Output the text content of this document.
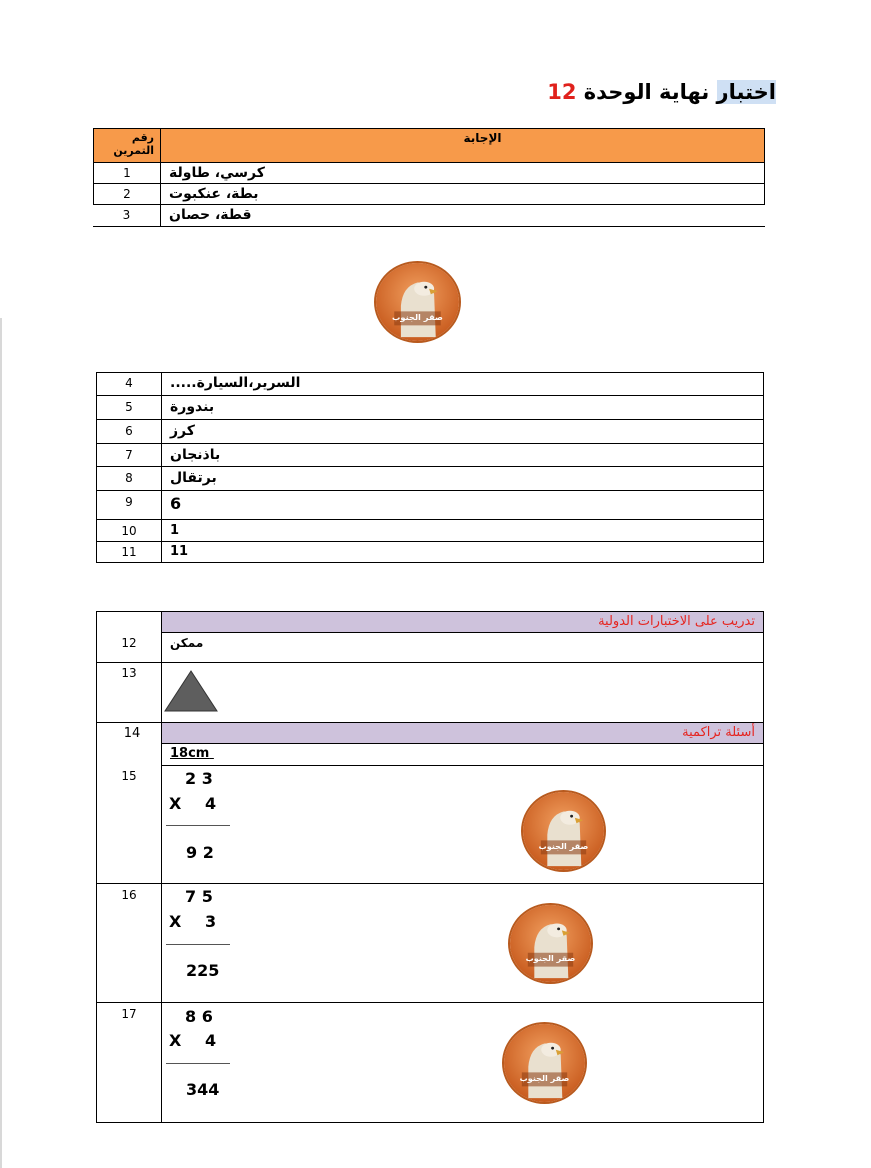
اختبار نهاية الوحدة 12
رقم التمرين
الإجابة
1	كرسي، طاولة
2	بطة، عنكبوت
3	قطة، حصان
صقر الجنوب
4	السرير،السيارة.....
5	بندورة
6	كرز
7	باذنجان
8	برتقال
9	6
10	1
11	11
تدريب على الاختبارات الدولية
12	ممكن
13
أسئلة تراكمية
14
18cm
15	2 3
X 4
9 2	صقر الجنوب
16	7 5
X 3
225
صقر الجنوب
17	8 6
X 4
344
صقر الجنوب
